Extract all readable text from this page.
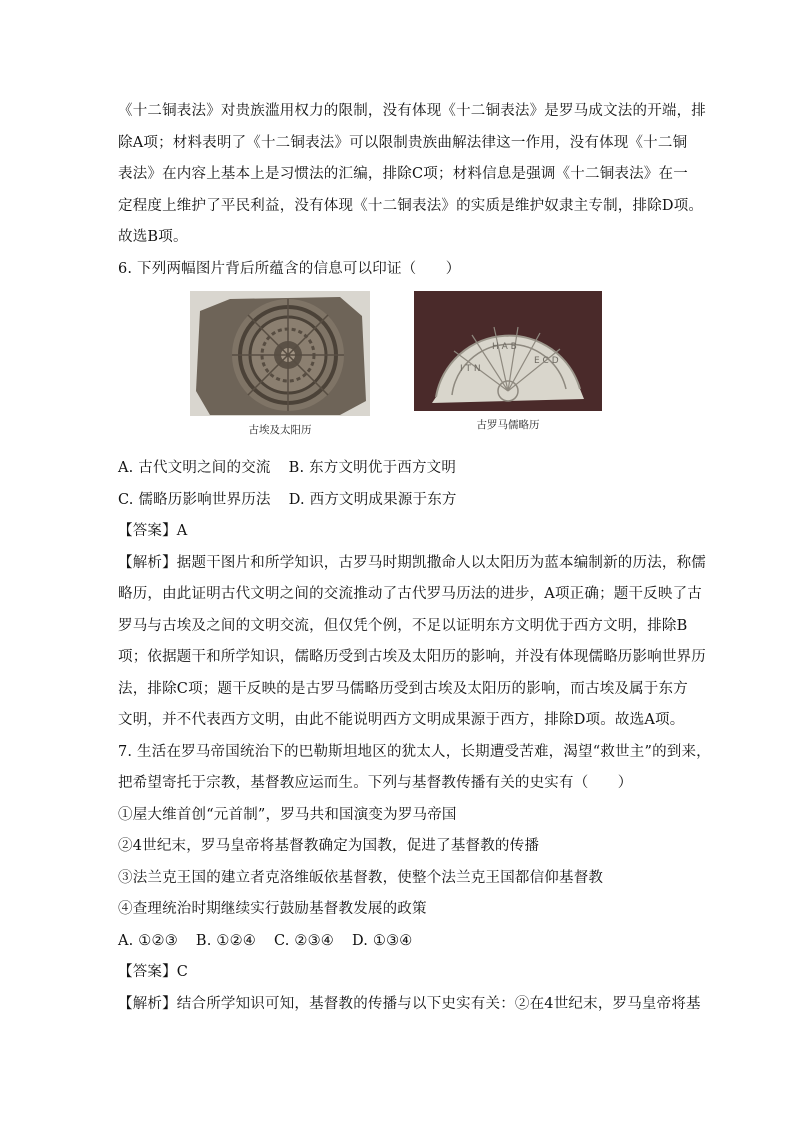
《十二铜表法》对贵族滥用权力的限制，没有体现《十二铜表法》是罗马成文法的开端，排
除A项；材料表明了《十二铜表法》可以限制贵族曲解法律这一作用，没有体现《十二铜
表法》在内容上基本上是习惯法的汇编，排除C项；材料信息是强调《十二铜表法》在一
定程度上维护了平民利益，没有体现《十二铜表法》的实质是维护奴隶主专制，排除D项。
故选B项。
6. 下列两幅图片背后所蕴含的信息可以印证（　　）
古埃及太阳历
I T N
H A B
E C D
古罗马儒略历
A. 古代文明之间的交流 B. 东方文明优于西方文明
C. 儒略历影响世界历法 D. 西方文明成果源于东方
【答案】A
【解析】据题干图片和所学知识，古罗马时期凯撒命人以太阳历为蓝本编制新的历法，称儒
略历，由此证明古代文明之间的交流推动了古代罗马历法的进步，A项正确；题干反映了古
罗马与古埃及之间的文明交流，但仅凭个例，不足以证明东方文明优于西方文明，排除B
项；依据题干和所学知识，儒略历受到古埃及太阳历的影响，并没有体现儒略历影响世界历
法，排除C项；题干反映的是古罗马儒略历受到古埃及太阳历的影响，而古埃及属于东方
文明，并不代表西方文明，由此不能说明西方文明成果源于西方，排除D项。故选A项。
7. 生活在罗马帝国统治下的巴勒斯坦地区的犹太人，长期遭受苦难，渴望“救世主”的到来，
把希望寄托于宗教，基督教应运而生。下列与基督教传播有关的史实有（　　）
①屋大维首创“元首制”，罗马共和国演变为罗马帝国
②4世纪末，罗马皇帝将基督教确定为国教，促进了基督教的传播
③法兰克王国的建立者克洛维皈依基督教，使整个法兰克王国都信仰基督教
④查理统治时期继续实行鼓励基督教发展的政策
A. ①②③ B. ①②④ C. ②③④ D. ①③④
【答案】C
【解析】结合所学知识可知，基督教的传播与以下史实有关：②在4世纪末，罗马皇帝将基
